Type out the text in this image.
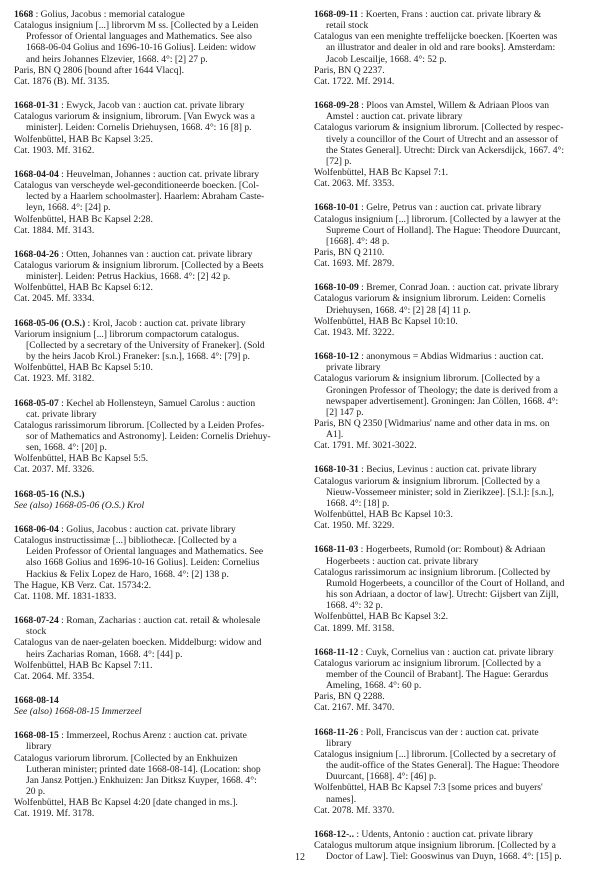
1668 : Golius, Jacobus : memorial catalogue
Catalogus insignium [...] librorvm M ss. [Collected by a Leiden
Professor of Oriental languages and Mathematics. See also
1668-06-04 Golius and 1696-10-16 Golius]. Leiden: widow
and heirs Johannes Elzevier, 1668. 4°: [2] 27 p.
Paris, BN Q 2806 [bound after 1644 Vlacq].
Cat. 1876 (B). Mf. 3135.
1668-01-31 : Ewyck, Jacob van : auction cat. private library
Catalogus variorum & insignium, librorum. [Van Ewyck was a
minister]. Leiden: Cornelis Driehuysen, 1668. 4°: 16 [8] p.
Wolfenbüttel, HAB Bc Kapsel 3:25.
Cat. 1903. Mf. 3162.
1668-04-04 : Heuvelman, Johannes : auction cat. private library
Catalogus van verscheyde wel-geconditioneerde boecken. [Col-
lected by a Haarlem schoolmaster]. Haarlem: Abraham Caste-
leyn, 1668. 4°: [24] p.
Wolfenbüttel, HAB Bc Kapsel 2:28.
Cat. 1884. Mf. 3143.
1668-04-26 : Otten, Johannes van : auction cat. private library
Catalogus variorum & insignium librorum. [Collected by a Beets
minister]. Leiden: Petrus Hackius, 1668. 4°: [2] 42 p.
Wolfenbüttel, HAB Bc Kapsel 6:12.
Cat. 2045. Mf. 3334.
1668-05-06 (O.S.) : Krol, Jacob : auction cat. private library
Variorum insignium [...] librorum compactorum catalogus.
[Collected by a secretary of the University of Franeker]. (Sold
by the heirs Jacob Krol.) Franeker: [s.n.], 1668. 4°: [79] p.
Wolfenbüttel, HAB Bc Kapsel 5:10.
Cat. 1923. Mf. 3182.
1668-05-07 : Kechel ab Hollensteyn, Samuel Carolus : auction
cat. private library
Catalogus rarissimorum librorum. [Collected by a Leiden Profes-
sor of Mathematics and Astronomy]. Leiden: Cornelis Driehuy-
sen, 1668. 4°: [20] p.
Wolfenbüttel, HAB Bc Kapsel 5:5.
Cat. 2037. Mf. 3326.
1668-05-16 (N.S.)
See (also) 1668-05-06 (O.S.) Krol
1668-06-04 : Golius, Jacobus : auction cat. private library
Catalogus instructissimæ [...] bibliothecæ. [Collected by a
Leiden Professor of Oriental languages and Mathematics. See
also 1668 Golius and 1696-10-16 Golius]. Leiden: Cornelius
Hackius & Felix Lopez de Haro, 1668. 4°: [2] 138 p.
The Hague, KB Verz. Cat. 15734:2.
Cat. 1108. Mf. 1831-1833.
1668-07-24 : Roman, Zacharias : auction cat. retail & wholesale
stock
Catalogus van de naer-gelaten boecken. Middelburg: widow and
heirs Zacharias Roman, 1668. 4°: [44] p.
Wolfenbüttel, HAB Bc Kapsel 7:11.
Cat. 2064. Mf. 3354.
1668-08-14
See (also) 1668-08-15 Immerzeel
1668-08-15 : Immerzeel, Rochus Arenz : auction cat. private
library
Catalogus variorum librorum. [Collected by an Enkhuizen
Lutheran minister; printed date 1668-08-14]. (Location: shop
Jan Jansz Pottjen.) Enkhuizen: Jan Ditksz Kuyper, 1668. 4°:
20 p.
Wolfenbüttel, HAB Bc Kapsel 4:20 [date changed in ms.].
Cat. 1919. Mf. 3178.
1668-09-11 : Koerten, Frans : auction cat. private library &
retail stock
Catalogus van een menighte treffelijcke boecken. [Koerten was
an illustrator and dealer in old and rare books]. Amsterdam:
Jacob Lescailje, 1668. 4°: 52 p.
Paris, BN Q 2237.
Cat. 1722. Mf. 2914.
1668-09-28 : Ploos van Amstel, Willem & Adriaan Ploos van
Amstel : auction cat. private library
Catalogus variorum & insignium librorum. [Collected by respec-
tively a councillor of the Court of Utrecht and an assessor of
the States General]. Utrecht: Dirck van Ackersdijck, 1667. 4°:
[72] p.
Wolfenbüttel, HAB Bc Kapsel 7:1.
Cat. 2063. Mf. 3353.
1668-10-01 : Gelre, Petrus van : auction cat. private library
Catalogus insignium [...] librorum. [Collected by a lawyer at the
Supreme Court of Holland]. The Hague: Theodore Duurcant,
[1668]. 4°: 48 p.
Paris, BN Q 2110.
Cat. 1693. Mf. 2879.
1668-10-09 : Bremer, Conrad Joan. : auction cat. private library
Catalogus variorum & insignium librorum. Leiden: Cornelis
Driehuysen, 1668. 4°: [2] 28 [4] 11 p.
Wolfenbüttel, HAB Bc Kapsel 10:10.
Cat. 1943. Mf. 3222.
1668-10-12 : anonymous = Abdias Widmarius : auction cat.
private library
Catalogus variorum & insignium librorum. [Collected by a
Groningen Professor of Theology; the date is derived from a
newspaper advertisement]. Groningen: Jan Cöllen, 1668. 4°:
[2] 147 p.
Paris, BN Q 2350 [Widmarius' name and other data in ms. on
A1].
Cat. 1791. Mf. 3021-3022.
1668-10-31 : Becius, Levinus : auction cat. private library
Catalogus variorum & insignium librorum. [Collected by a
Nieuw-Vossemeer minister; sold in Zierikzee]. [S.l.]: [s.n.],
1668. 4°: [18] p.
Wolfenbüttel, HAB Bc Kapsel 10:3.
Cat. 1950. Mf. 3229.
1668-11-03 : Hogerbeets, Rumold (or: Rombout) & Adriaan
Hogerbeets : auction cat. private library
Catalogus rarissimorum ac insignium librorum. [Collected by
Rumold Hogerbeets, a councillor of the Court of Holland, and
his son Adriaan, a doctor of law]. Utrecht: Gijsbert van Zijll,
1668. 4°: 32 p.
Wolfenbüttel, HAB Bc Kapsel 3:2.
Cat. 1899. Mf. 3158.
1668-11-12 : Cuyk, Cornelius van : auction cat. private library
Catalogus variorum ac insignium librorum. [Collected by a
member of the Council of Brabant]. The Hague: Gerardus
Ameling, 1668. 4°: 60 p.
Paris, BN Q 2288.
Cat. 2167. Mf. 3470.
1668-11-26 : Poll, Franciscus van der : auction cat. private
library
Catalogus insignium [...] librorum. [Collected by a secretary of
the audit-office of the States General]. The Hague: Theodore
Duurcant, [1668]. 4°: [46] p.
Wolfenbüttel, HAB Bc Kapsel 7:3 [some prices and buyers'
names].
Cat. 2078. Mf. 3370.
1668-12-.. : Udents, Antonio : auction cat. private library
Catalogus multorum atque insignium librorum. [Collected by a
Doctor of Law]. Tiel: Gooswinus van Duyn, 1668. 4°: [15] p.
12
